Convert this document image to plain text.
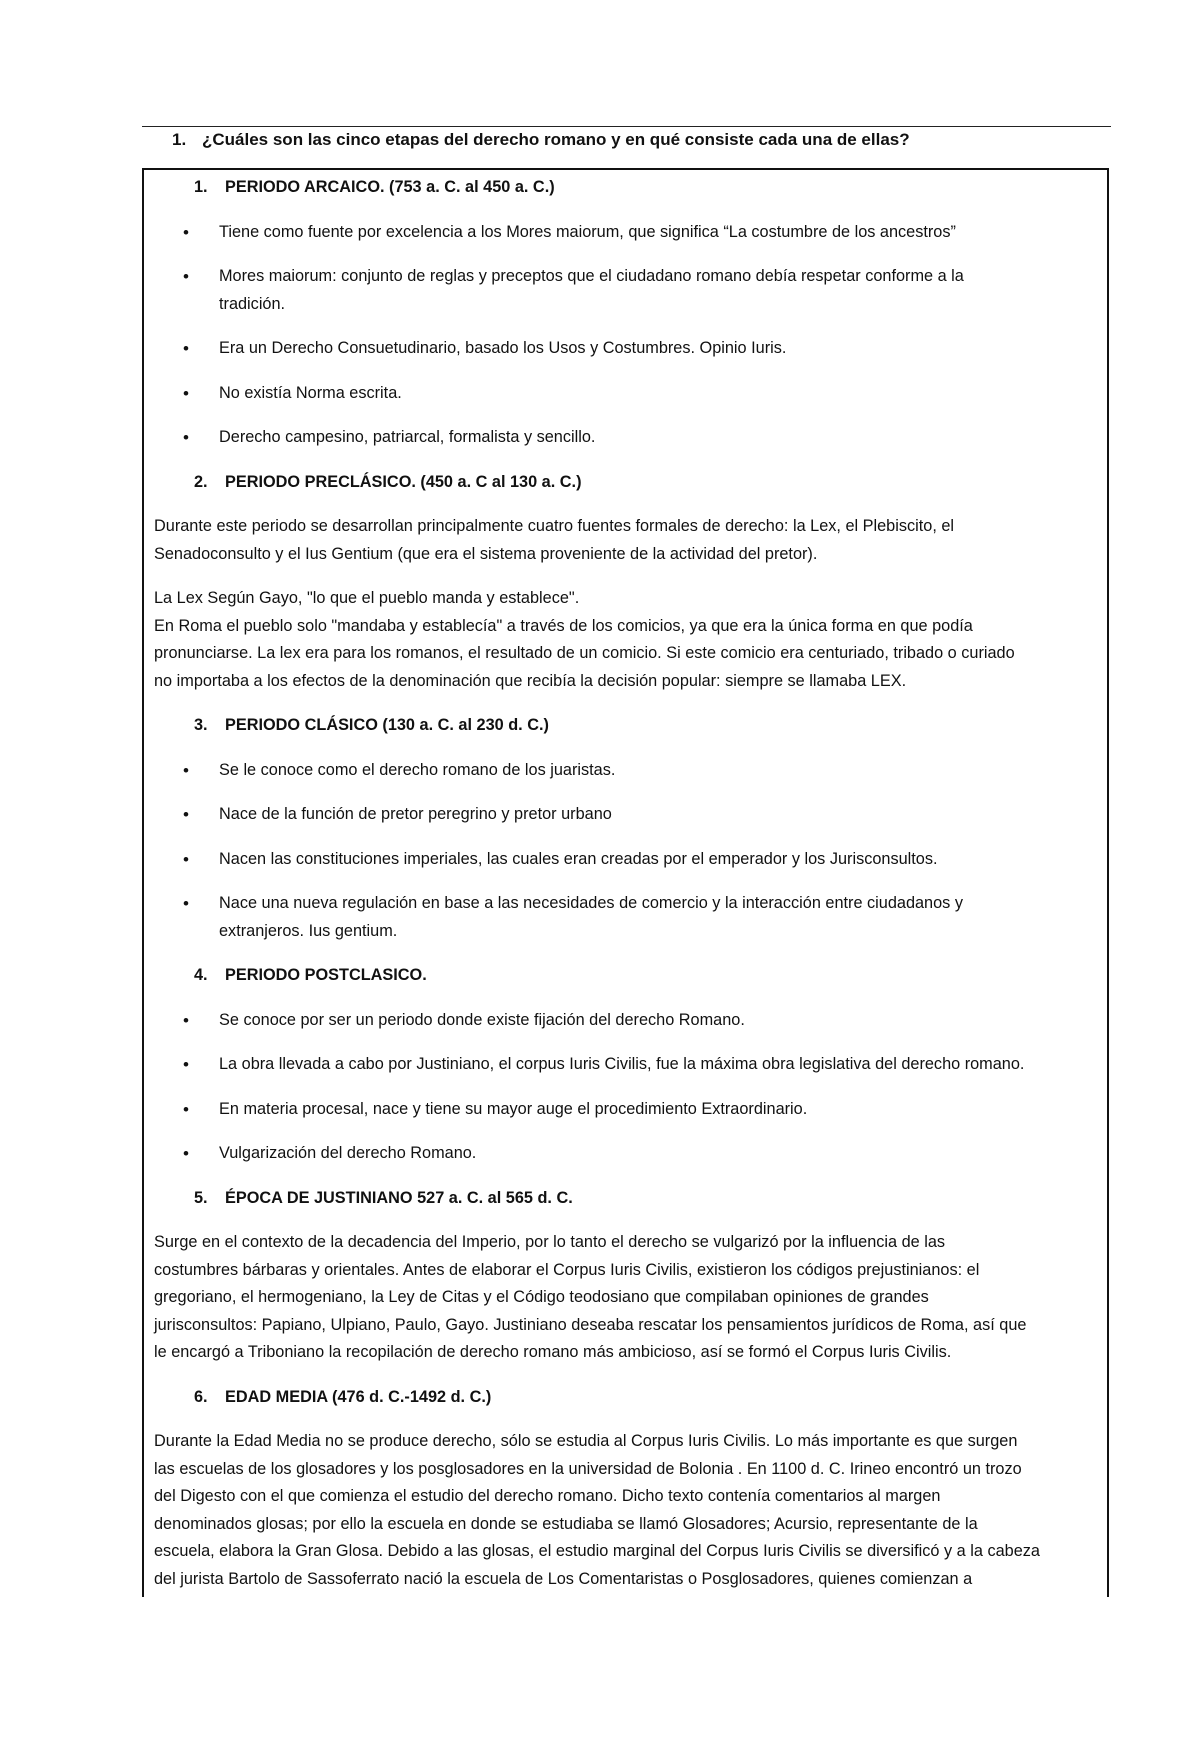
1. ¿Cuáles son las cinco etapas del derecho romano y en qué consiste cada una de ellas?
1. PERIODO ARCAICO. (753 a. C. al 450 a. C.)
• Tiene como fuente por excelencia a los Mores maiorum, que significa “La costumbre de los ancestros”
• Mores maiorum: conjunto de reglas y preceptos que el ciudadano romano debía respetar conforme a la
tradición.
• Era un Derecho Consuetudinario, basado los Usos y Costumbres. Opinio Iuris.
• No existía Norma escrita.
• Derecho campesino, patriarcal, formalista y sencillo.
2. PERIODO PRECLÁSICO. (450 a. C al 130 a. C.)
Durante este periodo se desarrollan principalmente cuatro fuentes formales de derecho: la Lex, el Plebiscito, el
Senadoconsulto y el Ius Gentium (que era el sistema proveniente de la actividad del pretor).
La Lex Según Gayo, "lo que el pueblo manda y establece".
En Roma el pueblo solo "mandaba y establecía" a través de los comicios, ya que era la única forma en que podía
pronunciarse. La lex era para los romanos, el resultado de un comicio. Si este comicio era centuriado, tribado o curiado
no importaba a los efectos de la denominación que recibía la decisión popular: siempre se llamaba LEX.
3. PERIODO CLÁSICO (130 a. C. al 230 d. C.)
• Se le conoce como el derecho romano de los juaristas.
• Nace de la función de pretor peregrino y pretor urbano
• Nacen las constituciones imperiales, las cuales eran creadas por el emperador y los Jurisconsultos.
• Nace una nueva regulación en base a las necesidades de comercio y la interacción entre ciudadanos y
extranjeros. Ius gentium.
4. PERIODO POSTCLASICO.
• Se conoce por ser un periodo donde existe fijación del derecho Romano.
• La obra llevada a cabo por Justiniano, el corpus Iuris Civilis, fue la máxima obra legislativa del derecho romano.
• En materia procesal, nace y tiene su mayor auge el procedimiento Extraordinario.
• Vulgarización del derecho Romano.
5. ÉPOCA DE JUSTINIANO 527 a. C. al 565 d. C.
Surge en el contexto de la decadencia del Imperio, por lo tanto el derecho se vulgarizó por la influencia de las
costumbres bárbaras y orientales. Antes de elaborar el Corpus Iuris Civilis, existieron los códigos prejustinianos: el
gregoriano, el hermogeniano, la Ley de Citas y el Código teodosiano que compilaban opiniones de grandes
jurisconsultos: Papiano, Ulpiano, Paulo, Gayo. Justiniano deseaba rescatar los pensamientos jurídicos de Roma, así que
le encargó a Triboniano la recopilación de derecho romano más ambicioso, así se formó el Corpus Iuris Civilis.
6. EDAD MEDIA (476 d. C.-1492 d. C.)
Durante la Edad Media no se produce derecho, sólo se estudia al Corpus Iuris Civilis. Lo más importante es que surgen
las escuelas de los glosadores y los posglosadores en la universidad de Bolonia . En 1100 d. C. Irineo encontró un trozo
del Digesto con el que comienza el estudio del derecho romano. Dicho texto contenía comentarios al margen
denominados glosas; por ello la escuela en donde se estudiaba se llamó Glosadores; Acursio, representante de la
escuela, elabora la Gran Glosa. Debido a las glosas, el estudio marginal del Corpus Iuris Civilis se diversificó y a la cabeza
del jurista Bartolo de Sassoferrato nació la escuela de Los Comentaristas o Posglosadores, quienes comienzan a
